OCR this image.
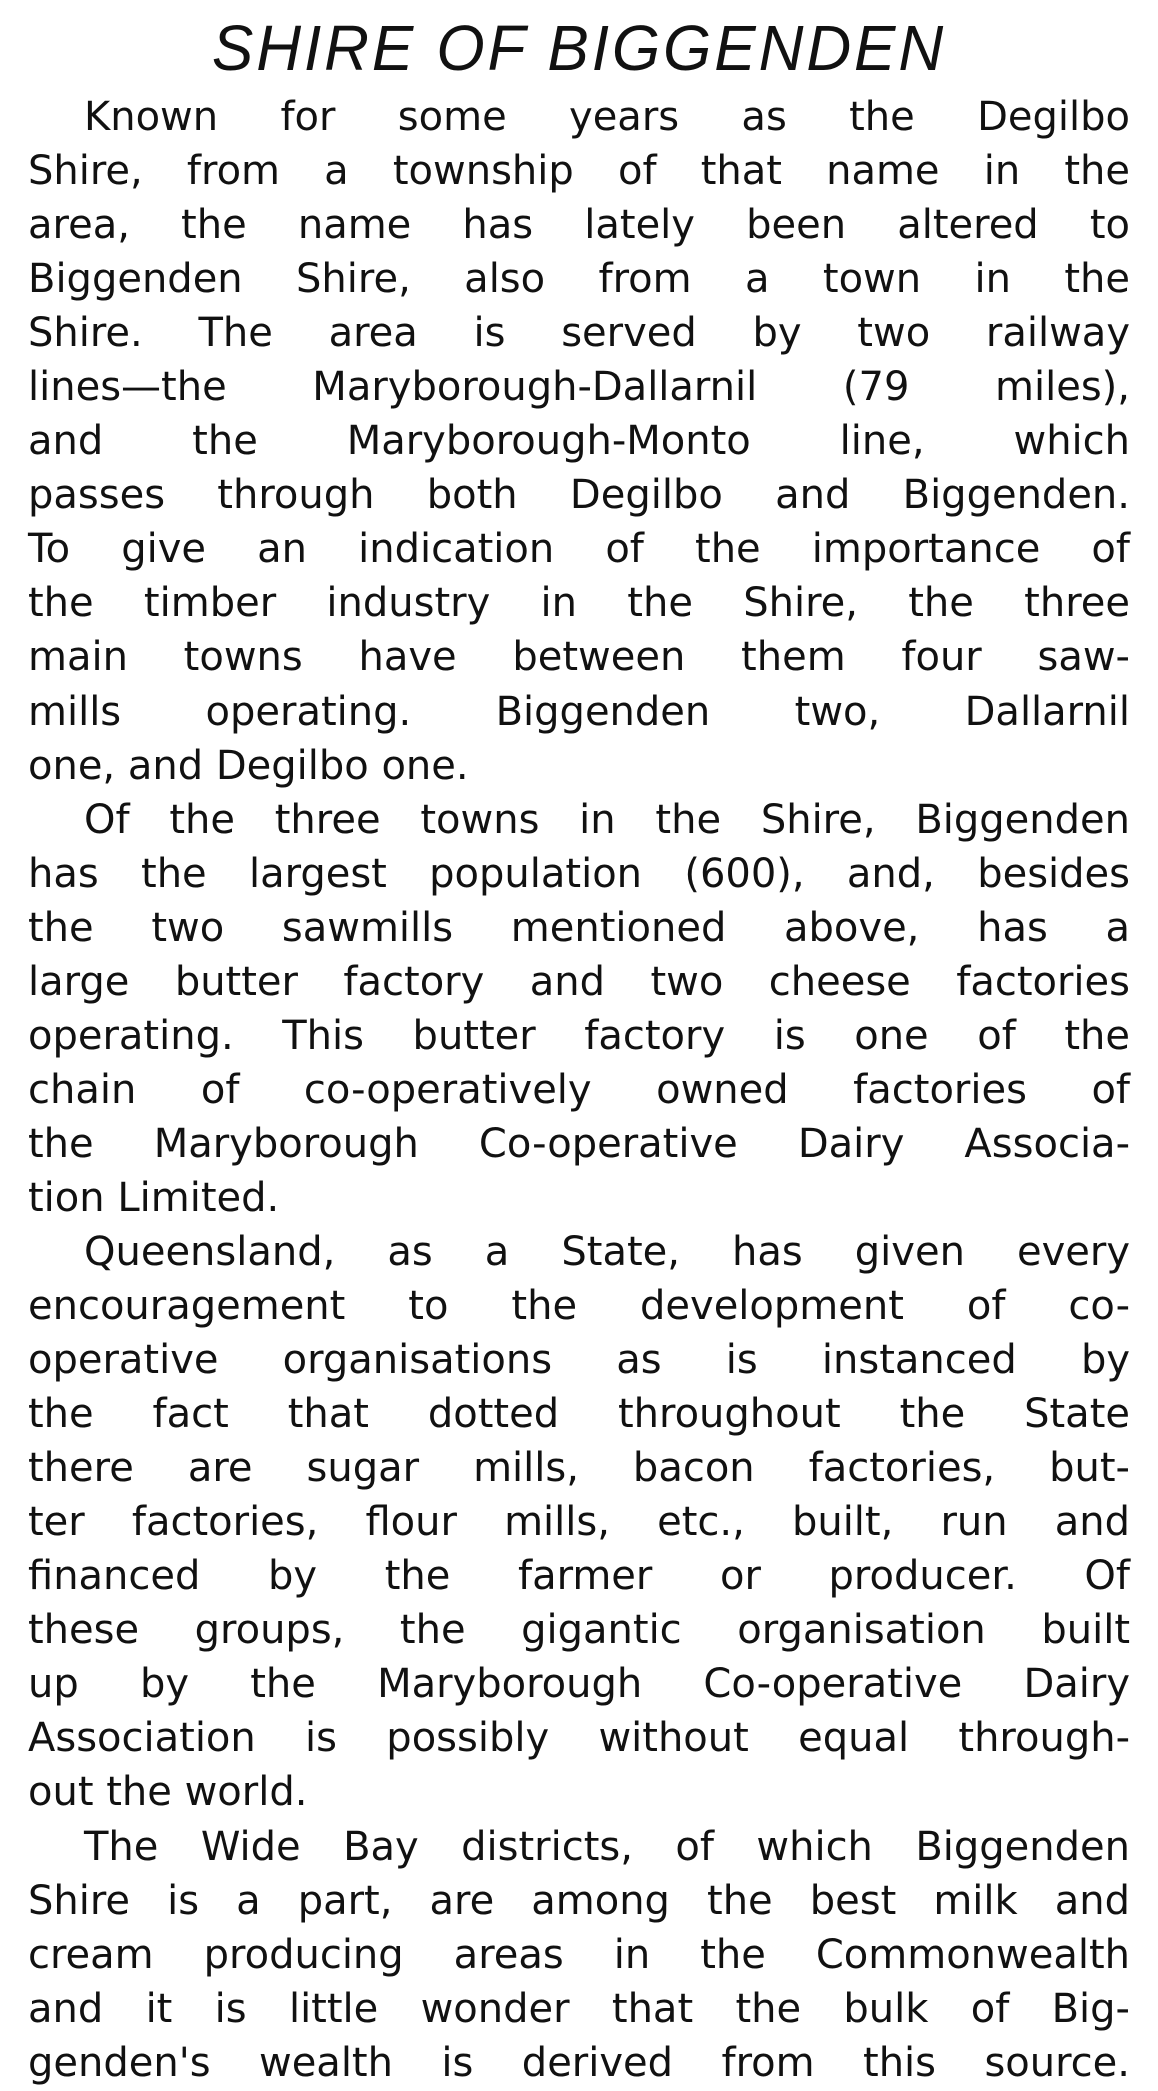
SHIRE OF BIGGENDEN
Known for some years as the Degilbo
Shire, from a township of that name in the
area, the name has lately been altered to
Biggenden Shire, also from a town in the
Shire. The area is served by two railway
lines—the Maryborough-Dallarnil (79 miles),
and the Maryborough-Monto line, which
passes through both Degilbo and Biggenden.
To give an indication of the importance of
the timber industry in the Shire, the three
main towns have between them four saw-
mills operating. Biggenden two, Dallarnil
one, and Degilbo one.
Of the three towns in the Shire, Biggenden
has the largest population (600), and, besides
the two sawmills mentioned above, has a
large butter factory and two cheese factories
operating. This butter factory is one of the
chain of co-operatively owned factories of
the Maryborough Co-operative Dairy Associa-
tion Limited.
Queensland, as a State, has given every
encouragement to the development of co-
operative organisations as is instanced by
the fact that dotted throughout the State
there are sugar mills, bacon factories, but-
ter factories, flour mills, etc., built, run and
financed by the farmer or producer. Of
these groups, the gigantic organisation built
up by the Maryborough Co-operative Dairy
Association is possibly without equal through-
out the world.
The Wide Bay districts, of which Biggenden
Shire is a part, are among the best milk and
cream producing areas in the Commonwealth
and it is little wonder that the bulk of Big-
genden's wealth is derived from this source.
